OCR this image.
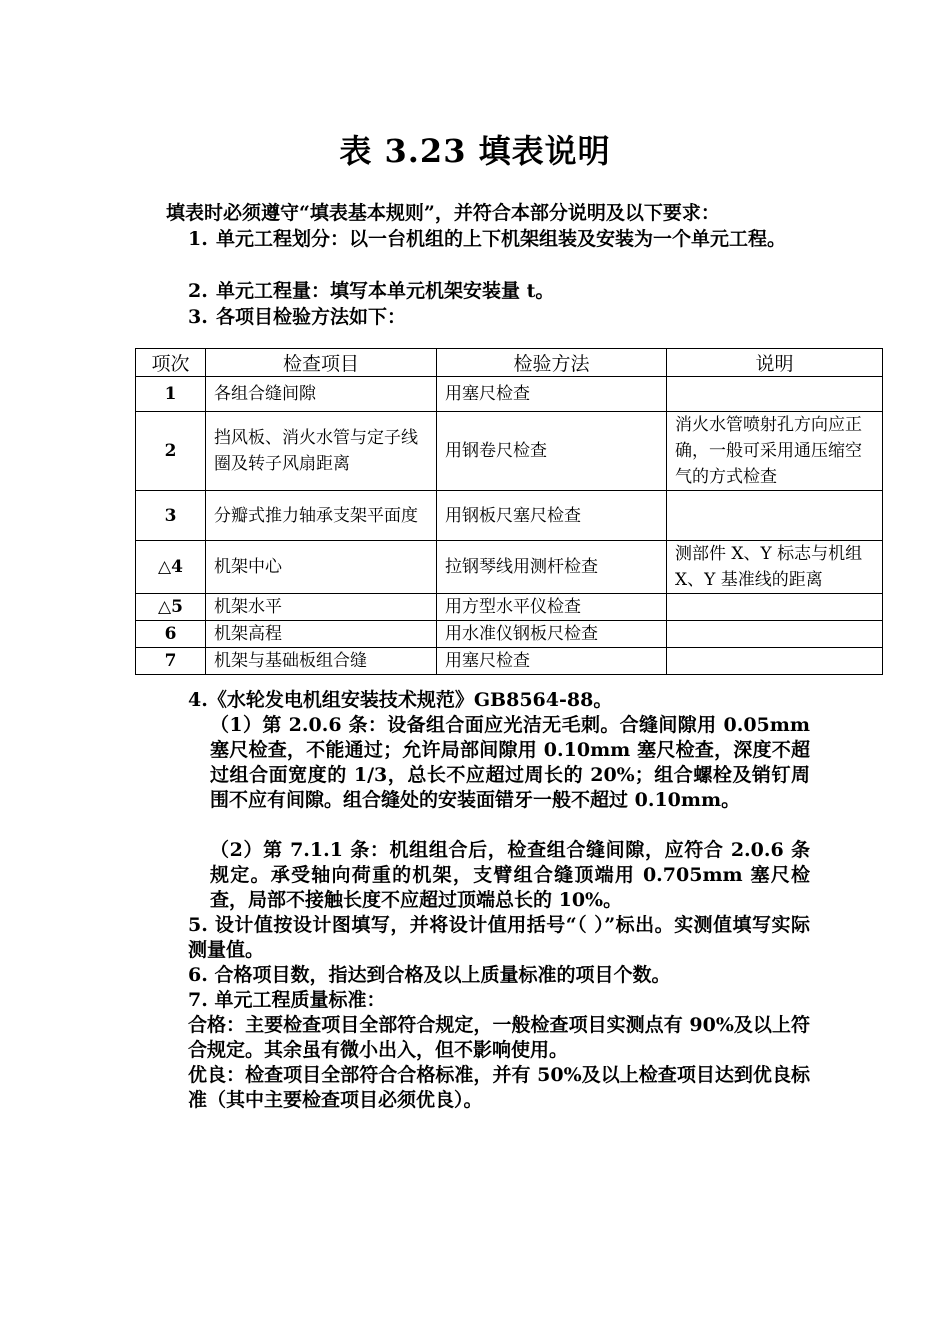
表 3.23 填表说明
填表时必须遵守“填表基本规则”，并符合本部分说明及以下要求：
1. 单元工程划分：以一台机组的上下机架组装及安装为一个单元工程。
2. 单元工程量：填写本单元机架安装量 t。
3. 各项目检验方法如下：
项次	检查项目	检验方法	说明
1	各组合缝间隙	用塞尺检查	
2	挡风板、消火水管与定子线圈及转子风扇距离	用钢卷尺检查	消火水管喷射孔方向应正确，一般可采用通压缩空气的方式检查
3	分瓣式推力轴承支架平面度	用钢板尺塞尺检查	
△4	机架中心	拉钢琴线用测杆检查	测部件 X、Y 标志与机组 X、Y 基准线的距离
△5	机架水平	用方型水平仪检查	
6	机架高程	用水准仪钢板尺检查	
7	机架与基础板组合缝	用塞尺检查	
4.《水轮发电机组安装技术规范》GB8564-88。
（1）第 2.0.6 条：设备组合面应光洁无毛刺。合缝间隙用 0.05mm 塞尺检查，不能通过；允许局部间隙用 0.10mm 塞尺检查，深度不超过组合面宽度的 1/3，总长不应超过周长的 20%；组合螺栓及销钉周围不应有间隙。组合缝处的安装面错牙一般不超过 0.10mm。
（2）第 7.1.1 条：机组组合后，检查组合缝间隙，应符合 2.0.6 条规定。承受轴向荷重的机架，支臂组合缝顶端用 0.705mm 塞尺检查，局部不接触长度不应超过顶端总长的 10%。
5. 设计值按设计图填写，并将设计值用括号“（ ）”标出。实测值填写实际测量值。
6. 合格项目数，指达到合格及以上质量标准的项目个数。
7. 单元工程质量标准：
合格：主要检查项目全部符合规定，一般检查项目实测点有 90%及以上符合规定。其余虽有微小出入，但不影响使用。
优良：检查项目全部符合合格标准，并有 50%及以上检查项目达到优良标准（其中主要检查项目必须优良）。
